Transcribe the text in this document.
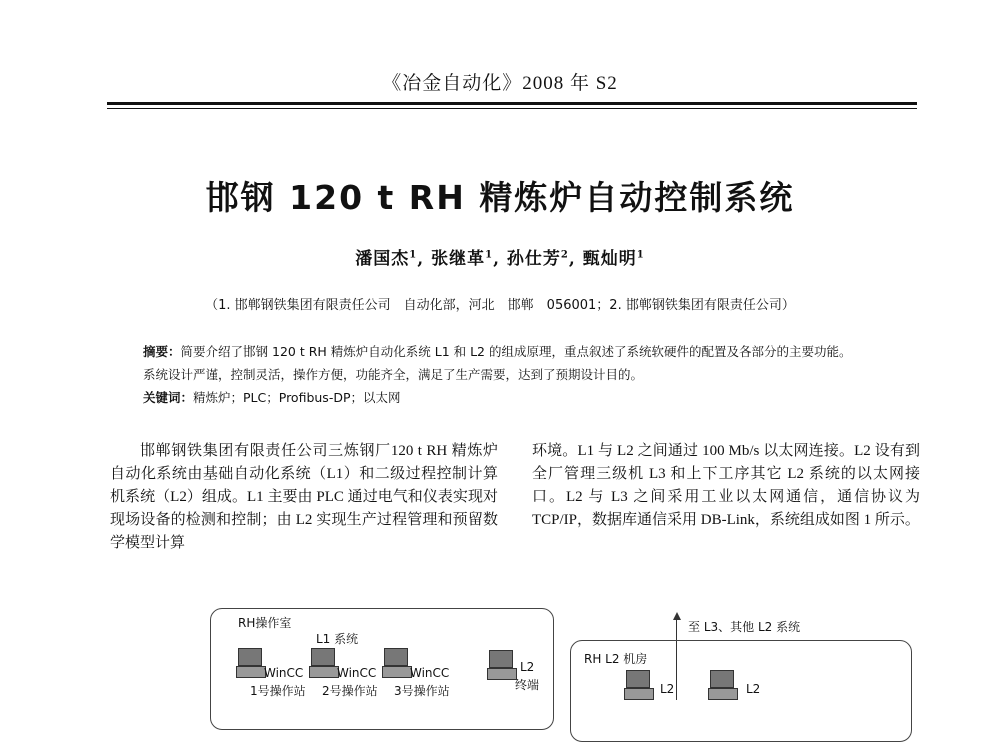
《冶金自动化》2008 年 S2
邯钢 120 t RH 精炼炉自动控制系统
潘国杰$^1$, 张继革$^1$, 孙仕芳$^2$, 甄灿明$^1$
（1. 邯郸钢铁集团有限责任公司　自动化部，河北　邯郸　056001；2. 邯郸钢铁集团有限责任公司）
摘要：简要介绍了邯钢 120 t RH 精炼炉自动化系统 L1 和 L2 的组成原理，重点叙述了系统软硬件的配置及各部分的主要功能。系统设计严谨，控制灵活，操作方便，功能齐全，满足了生产需要，达到了预期设计目的。
关键词：精炼炉；PLC；Profibus-DP；以太网
邯郸钢铁集团有限责任公司三炼钢厂120 t RH 精炼炉自动化系统由基础自动化系统（L1）和二级过程控制计算机系统（L2）组成。L1 主要由 PLC 通过电气和仪表实现对现场设备的检测和控制；由 L2 实现生产过程管理和预留数学模型计算
环境。L1 与 L2 之间通过 100 Mb/s 以太网连接。L2 设有到全厂管理三级机 L3 和上下工序其它 L2 系统的以太网接口。L2 与 L3 之间采用工业以太网通信，通信协议为 TCP/IP，数据库通信采用 DB-Link，系统组成如图 1 所示。
RH操作室
L1 系统
WinCC	WinCC	WinCC
1号操作站 2号操作站 3号操作站
L2
终端
至 L3、其他 L2 系统
RH L2 机房
L2	L2
